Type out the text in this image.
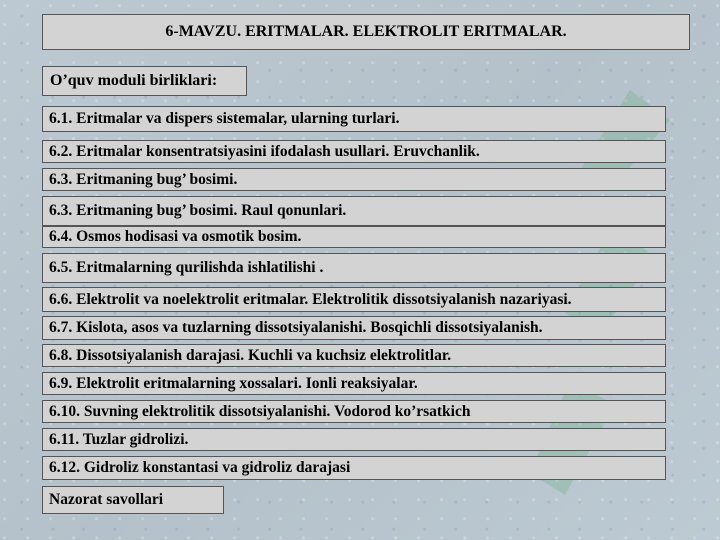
6-MAVZU. ERITMALAR. ELEKTROLIT ERITMALAR.
O’quv moduli birliklari:
6.1. Eritmalar va dispers sistemalar, ularning turlari.
6.2. Eritmalar konsentratsiyasini ifodalash usullari. Eruvchanlik.
6.3. Eritmaning bug’ bosimi.
6.3. Eritmaning bug’ bosimi. Raul qonunlari.
6.4. Osmos hodisasi va osmotik bosim.
6.5. Eritmalarning qurilishda ishlatilishi .
6.6. Elektrolit va noelektrolit eritmalar. Elektrolitik dissotsiyalanish nazariyasi.
6.7. Kislota, asos va tuzlarning dissotsiyalanishi. Bosqichli dissotsiyalanish.
6.8. Dissotsiyalanish darajasi. Kuchli va kuchsiz elektrolitlar.
6.9. Elektrolit eritmalarning xossalari. Ionli reaksiyalar.
6.10. Suvning elektrolitik dissotsiyalanishi. Vodorod ko’rsatkich
6.11. Tuzlar gidrolizi.
6.12. Gidroliz konstantasi va gidroliz darajasi
Nazorat savollari
